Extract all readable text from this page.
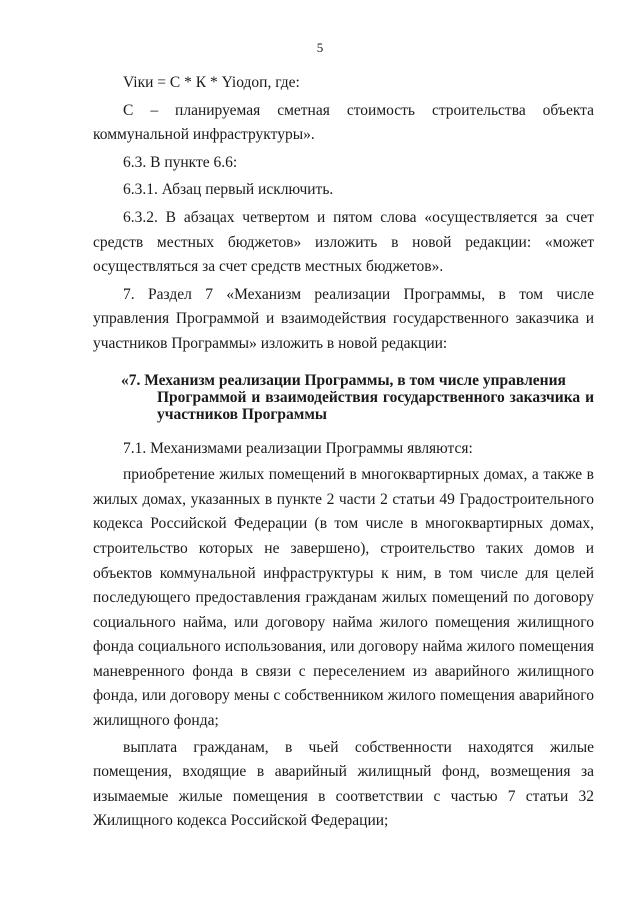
5

Viки = С * К * Yiодоп, где:

С – планируемая сметная стоимость строительства объекта коммунальной инфраструктуры».

6.3. В пункте 6.6:

6.3.1. Абзац первый исключить.

6.3.2. В абзацах четвертом и пятом слова «осуществляется за счет средств местных бюджетов» изложить в новой редакции: «может осуществляться за счет средств местных бюджетов».

7. Раздел 7 «Механизм реализации Программы, в том числе управления Программой и взаимодействия государственного заказчика и участников Программы» изложить в новой редакции:

«7. Механизм реализации Программы, в том числе управления
Программой и взаимодействия государственного заказчика и участников Программы

7.1. Механизмами реализации Программы являются:

приобретение жилых помещений в многоквартирных домах, а также в жилых домах, указанных в пункте 2 части 2 статьи 49 Градостроительного кодекса Российской Федерации (в том числе в многоквартирных домах, строительство которых не завершено), строительство таких домов и объектов коммунальной инфраструктуры к ним, в том числе для целей последующего предоставления гражданам жилых помещений по договору социального найма, или договору найма жилого помещения жилищного фонда социального использования, или договору найма жилого помещения маневренного фонда в связи с переселением из аварийного жилищного фонда, или договору мены с собственником жилого помещения аварийного жилищного фонда;

выплата гражданам, в чьей собственности находятся жилые помещения, входящие в аварийный жилищный фонд, возмещения за изымаемые жилые помещения в соответствии с частью 7 статьи 32 Жилищного кодекса Российской Федерации;
